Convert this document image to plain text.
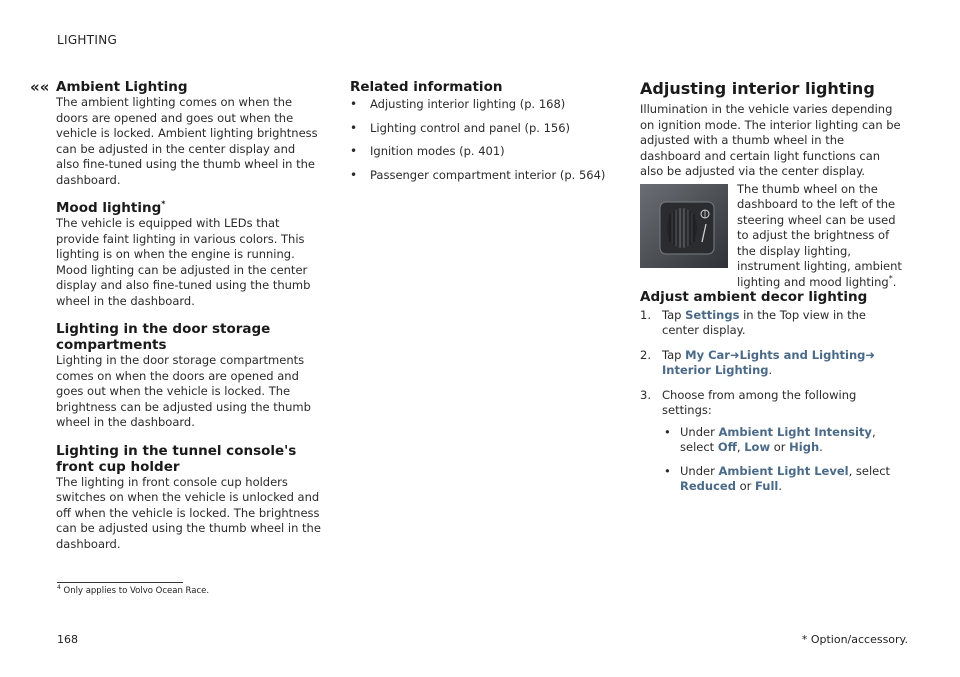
LIGHTING
«« Ambient Lighting

The ambient lighting comes on when the doors are opened and goes out when the vehicle is locked. Ambient lighting brightness can be adjusted in the center display and also fine-tuned using the thumb wheel in the dashboard.

Mood lighting*

The vehicle is equipped with LEDs that provide faint lighting in various colors. This lighting is on when the engine is running. Mood lighting can be adjusted in the center display and also fine-tuned using the thumb wheel in the dashboard.

Lighting in the door storage compartments

Lighting in the door storage compartments comes on when the doors are opened and goes out when the vehicle is locked. The brightness can be adjusted using the thumb wheel in the dashboard.

Lighting in the tunnel console's front cup holder

The lighting in front console cup holders switches on when the vehicle is unlocked and off when the vehicle is locked. The brightness can be adjusted using the thumb wheel in the dashboard.

Related information
• Adjusting interior lighting (p. 168)
• Lighting control and panel (p. 156)
• Ignition modes (p. 401)
• Passenger compartment interior (p. 564)
Adjusting interior lighting

Illumination in the vehicle varies depending on ignition mode. The interior lighting can be adjusted with a thumb wheel in the dashboard and certain light functions can also be adjusted via the center display.

The thumb wheel on the dashboard to the left of the steering wheel can be used to adjust the brightness of the display lighting, instrument lighting, ambient lighting and mood lighting*.
Adjust ambient decor lighting
1. Tap Settings in the Top view in the center display.
2. Tap My Car➜Lights and Lighting➜
Interior Lighting.
3. Choose from among the following settings:
• Under Ambient Light Intensity, select Off, Low or High.
• Under Ambient Light Level, select Reduced or Full.
$^4$ Only applies to Volvo Ocean Race.
168	* Option/accessory.
